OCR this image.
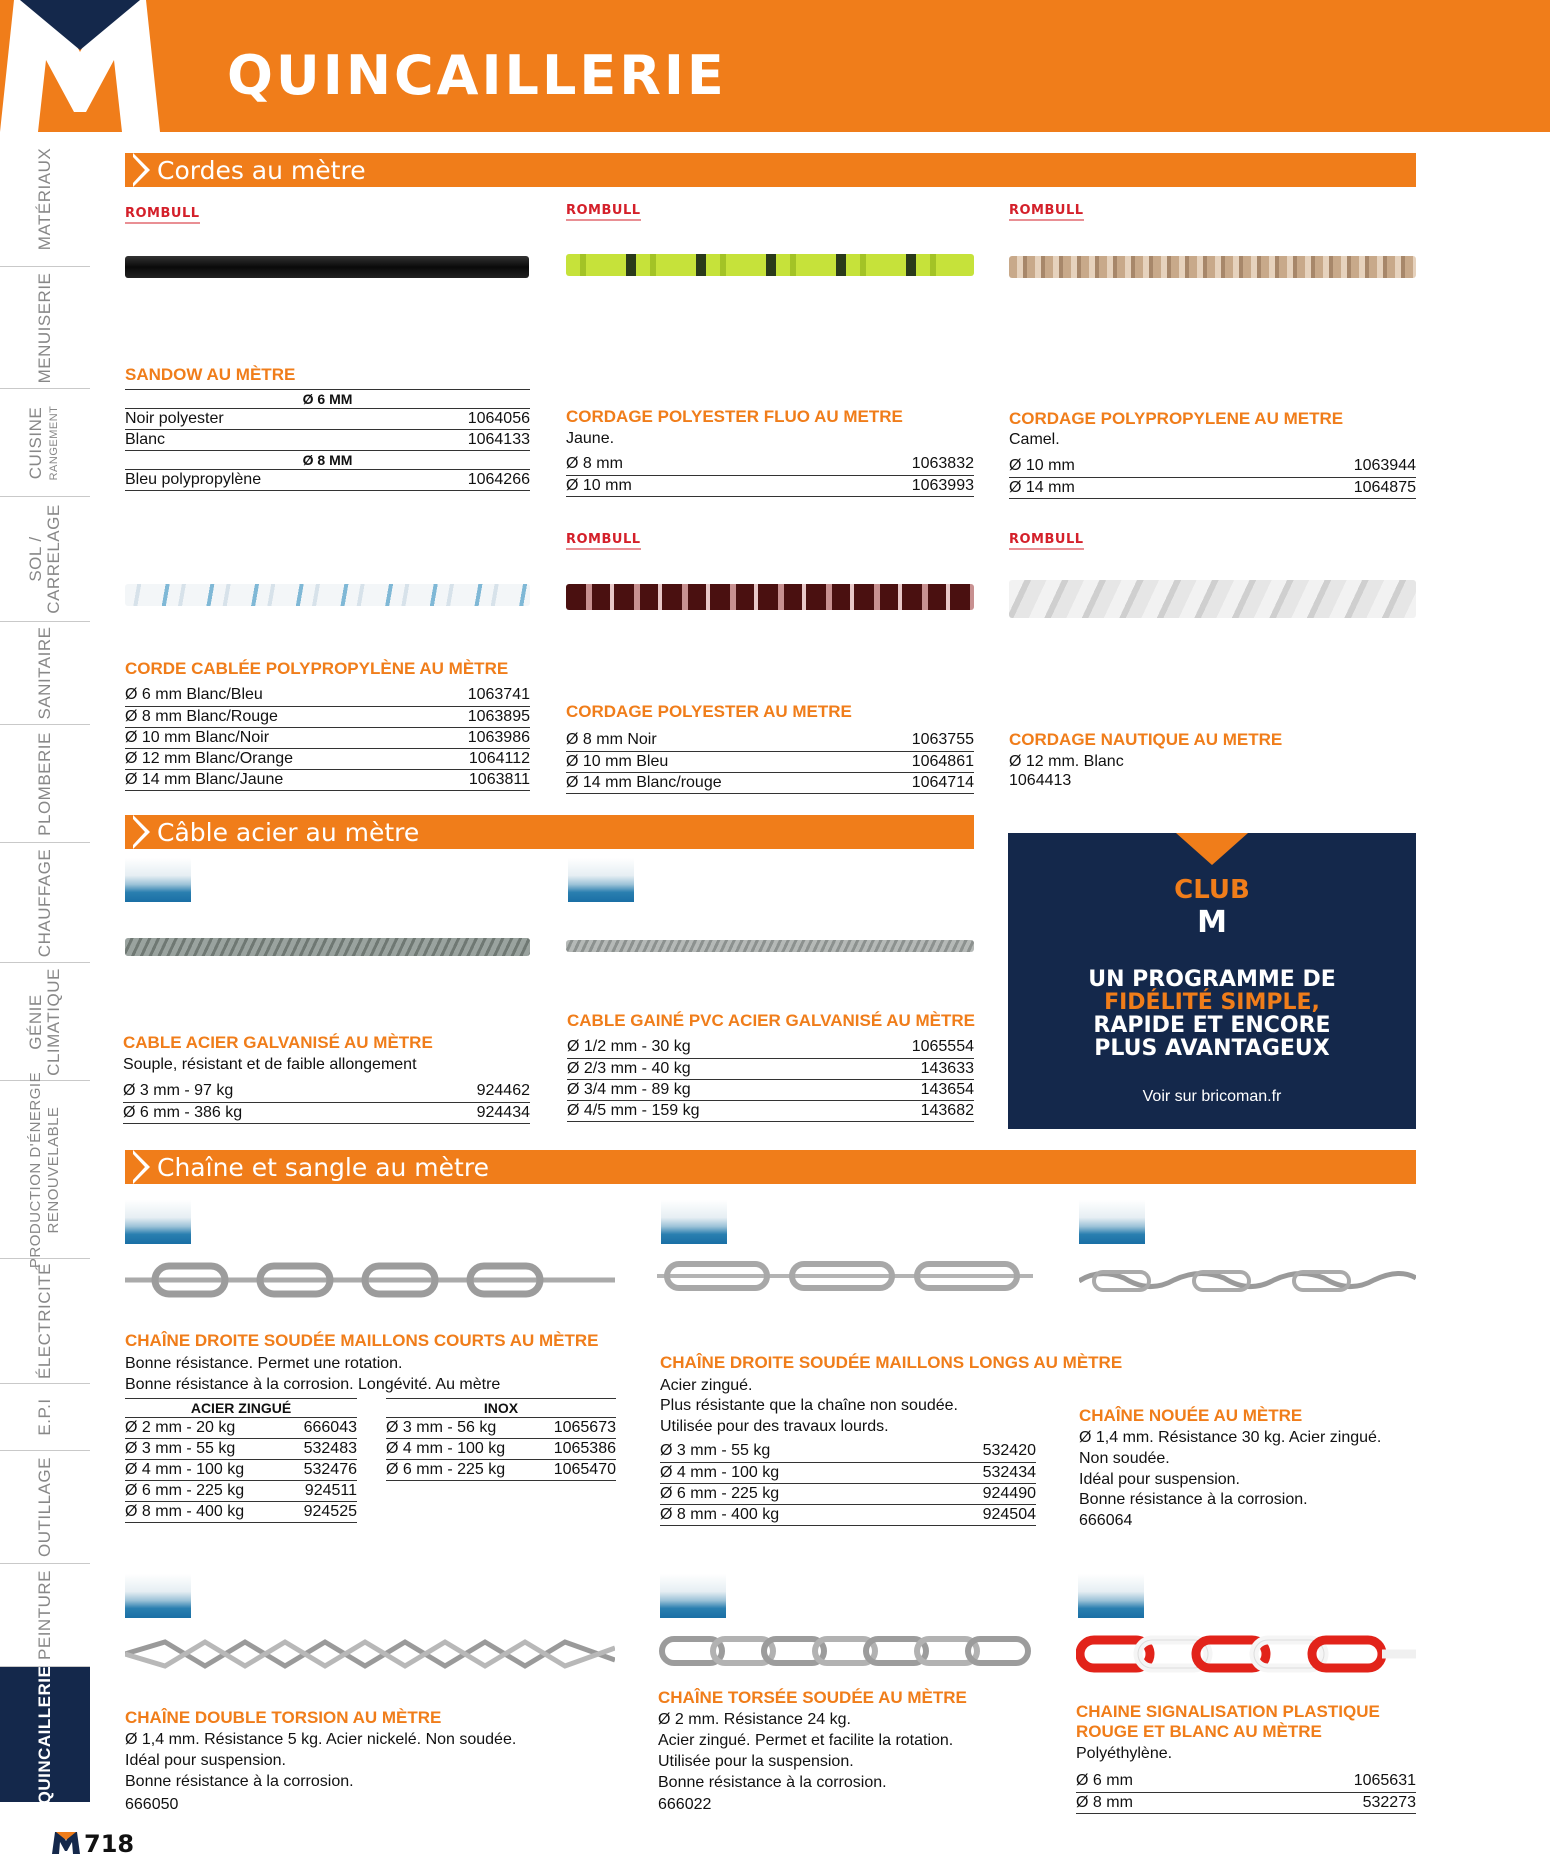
13
QUINCAILLERIE
MATÉRIAUX
MENUISERIE
CUISINE RANGEMENT
SOL /
CARRELAGE
SANITAIRE
PLOMBERIE
CHAUFFAGE
GÉNIE
CLIMATIQUE
PRODUCTION D'ÉNERGIE
RENOUVELABLE
ÉLECTRICITÉ
E.P.I
OUTILLAGE
PEINTURE
QUINCAILLERIE
Cordes au mètre
ROMBULL
SANDOW AU MÈTRE
Ø 6 MM	
Noir polyester	1064056
Blanc	1064133
Ø 8 MM	
Bleu polypropylène	1064266
ROMBULL
CORDAGE POLYESTER FLUO AU METRE
Jaune.
Ø 8 mm	1063832
Ø 10 mm	1063993
ROMBULL
CORDAGE POLYPROPYLENE AU METRE
Camel.
Ø 10 mm	1063944
Ø 14 mm	1064875
CORDE CABLÉE POLYPROPYLÈNE AU MÈTRE
Ø 6 mm Blanc/Bleu	1063741
Ø 8 mm Blanc/Rouge	1063895
Ø 10 mm Blanc/Noir	1063986
Ø 12 mm Blanc/Orange	1064112
Ø 14 mm Blanc/Jaune	1063811
ROMBULL
CORDAGE POLYESTER AU METRE
Ø 8 mm Noir	1063755
Ø 10 mm Bleu	1064861
Ø 14 mm Blanc/rouge	1064714
ROMBULL
CORDAGE NAUTIQUE AU METRE
Ø 12 mm. Blanc
1064413
Câble acier au mètre
CABLE ACIER GALVANISÉ AU MÈTRE
Souple, résistant et de faible allongement
Ø 3 mm - 97 kg	924462
Ø 6 mm - 386 kg	924434
CABLE GAINÉ PVC ACIER GALVANISÉ AU MÈTRE
Ø 1/2 mm - 30 kg	1065554
Ø 2/3 mm - 40 kg	143633
Ø 3/4 mm - 89 kg	143654
Ø 4/5 mm - 159 kg	143682
CLUB
M
UN PROGRAMME DE
FIDÉLITÉ SIMPLE,
RAPIDE ET ENCORE
PLUS AVANTAGEUX
Voir sur bricoman.fr
Chaîne et sangle au mètre
CHAÎNE DROITE SOUDÉE MAILLONS COURTS AU MÈTRE
Bonne résistance. Permet une rotation.
Bonne résistance à la corrosion. Longévité. Au mètre
ACIER ZINGUÉ	
Ø 2 mm - 20 kg	666043
Ø 3 mm - 55 kg	532483
Ø 4 mm - 100 kg	532476
Ø 6 mm - 225 kg	924511
Ø 8 mm - 400 kg	924525
INOX	
Ø 3 mm - 56 kg	1065673
Ø 4 mm - 100 kg	1065386
Ø 6 mm - 225 kg	1065470
CHAÎNE DROITE SOUDÉE MAILLONS LONGS AU MÈTRE
Acier zingué.
Plus résistante que la chaîne non soudée.
Utilisée pour des travaux lourds.
Ø 3 mm - 55 kg	532420
Ø 4 mm - 100 kg	532434
Ø 6 mm - 225 kg	924490
Ø 8 mm - 400 kg	924504
CHAÎNE NOUÉE AU MÈTRE
Ø 1,4 mm. Résistance 30 kg. Acier zingué.
Non soudée.
Idéal pour suspension.
Bonne résistance à la corrosion.
666064
CHAÎNE DOUBLE TORSION AU MÈTRE
Ø 1,4 mm. Résistance 5 kg. Acier nickelé. Non soudée.
Idéal pour suspension.
Bonne résistance à la corrosion.
666050
CHAÎNE TORSÉE SOUDÉE AU MÈTRE
Ø 2 mm. Résistance 24 kg.
Acier zingué. Permet et facilite la rotation.
Utilisée pour la suspension.
Bonne résistance à la corrosion.
666022
CHAINE SIGNALISATION PLASTIQUE
ROUGE ET BLANC AU MÈTRE
Polyéthylène.
Ø 6 mm	1065631
Ø 8 mm	532273
718
